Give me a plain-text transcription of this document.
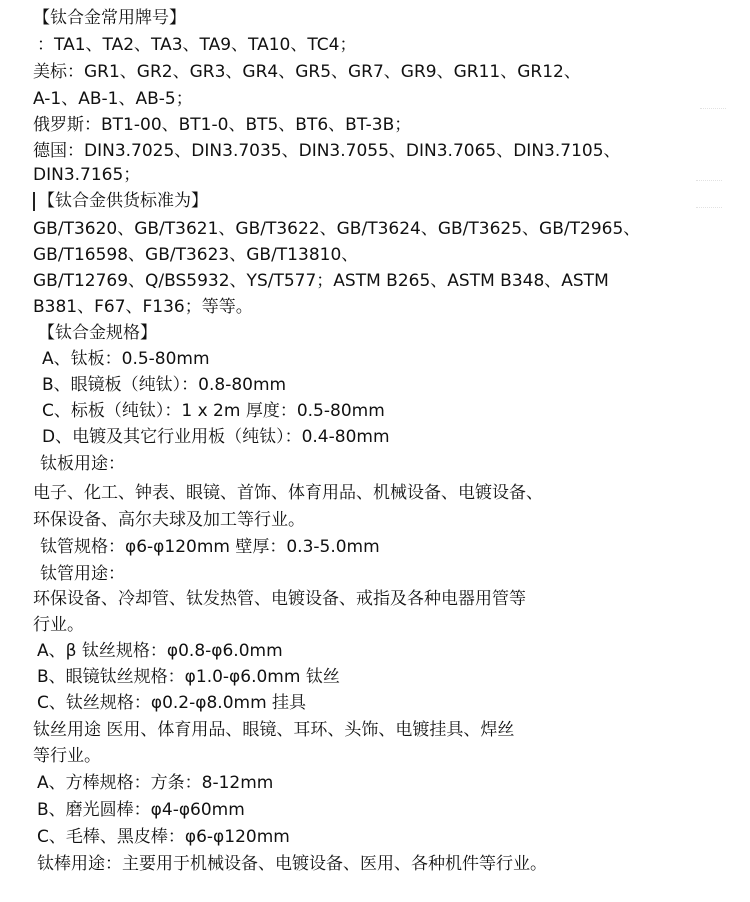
【钛合金常用牌号】
：TA1、TA2、TA3、TA9、TA10、TC4；
美标：GR1、GR2、GR3、GR4、GR5、GR7、GR9、GR11、GR12、
A-1、AB-1、AB-5；
俄罗斯：BT1-00、BT1-0、BT5、BT6、BT-3B；
德国：DIN3.7025、DIN3.7035、DIN3.7055、DIN3.7065、DIN3.7105、
DIN3.7165；
【钛合金供货标准为】
GB/T3620、GB/T3621、GB/T3622、GB/T3624、GB/T3625、GB/T2965、
GB/T16598、GB/T3623、GB/T13810、
GB/T12769、Q/BS5932、YS/T577；ASTM B265、ASTM B348、ASTM
B381、F67、F136；等等。
【钛合金规格】
A、钛板：0.5-80mm
B、眼镜板（纯钛）：0.8-80mm
C、标板（纯钛）：1 x 2m 厚度：0.5-80mm
D、电镀及其它行业用板（纯钛）：0.4-80mm
钛板用途：
电子、化工、钟表、眼镜、首饰、体育用品、机械设备、电镀设备、
环保设备、高尔夫球及加工等行业。
钛管规格：φ6-φ120mm 壁厚：0.3-5.0mm
钛管用途：
环保设备、冷却管、钛发热管、电镀设备、戒指及各种电器用管等
行业。
A、β 钛丝规格：φ0.8-φ6.0mm
B、眼镜钛丝规格：φ1.0-φ6.0mm 钛丝
C、钛丝规格：φ0.2-φ8.0mm 挂具
钛丝用途 医用、体育用品、眼镜、耳环、头饰、电镀挂具、焊丝
等行业。
A、方棒规格：方条：8-12mm
B、磨光圆棒：φ4-φ60mm
C、毛棒、黑皮棒：φ6-φ120mm
钛棒用途：主要用于机械设备、电镀设备、医用、各种机件等行业。
